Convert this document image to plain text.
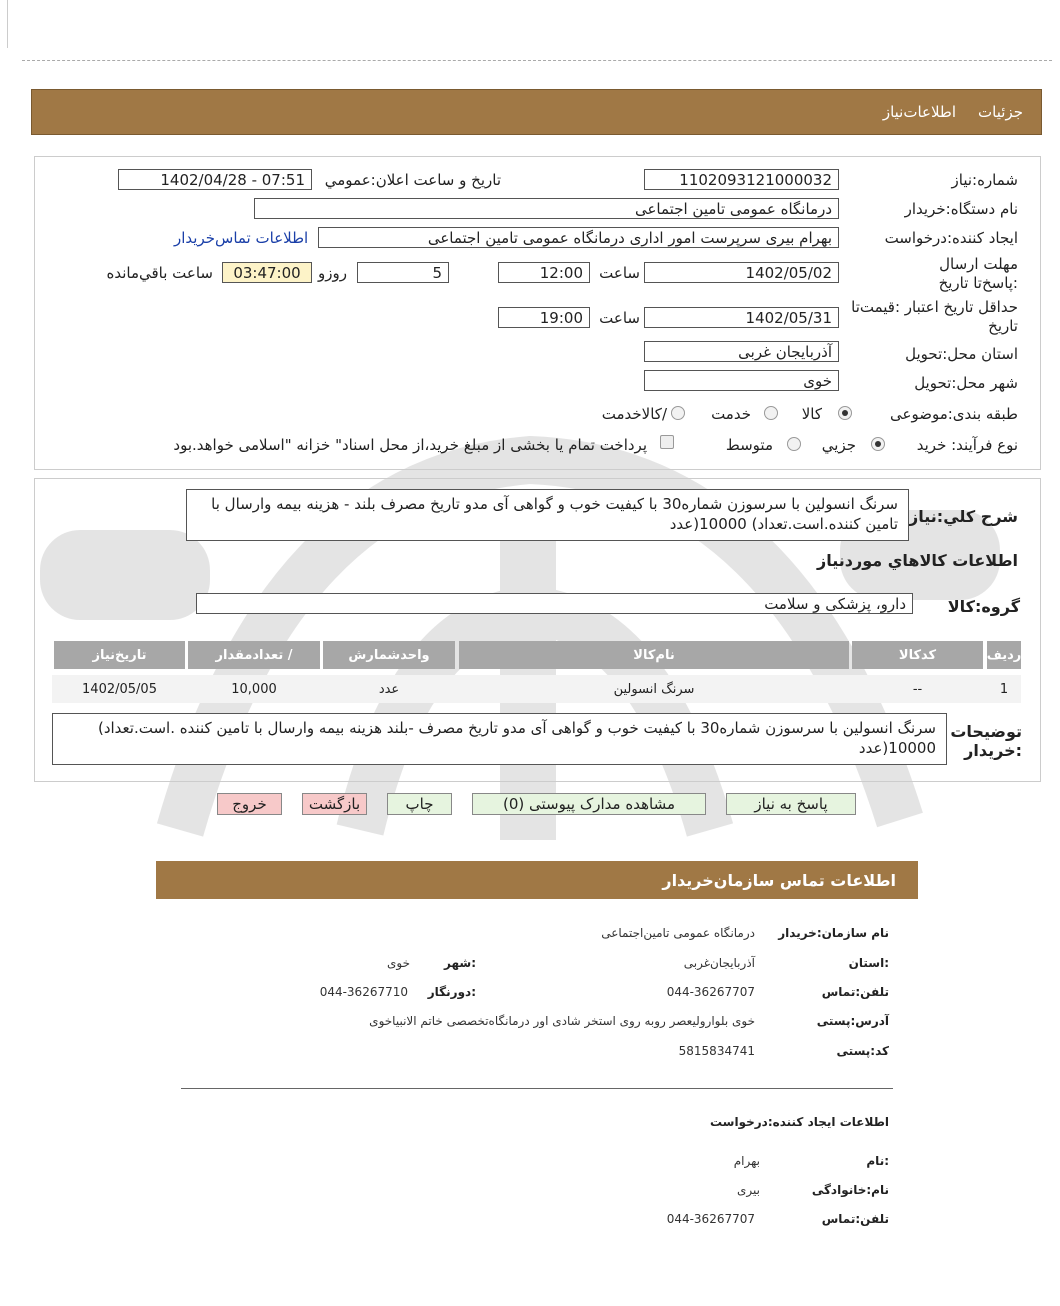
جزئیات
اطلاعات‌نیاز
شماره:نیاز
1102093121000032
تاريخ و ساعت اعلان:عمومي
1402/04/28 - 07:51
نام دستگاه:خريدار
درمانگاه عمومی تامین اجتماعی
ايجاد کننده:درخواست
بهرام بیری سرپرست امور اداری درمانگاه عمومی تامین اجتماعی
اطلاعات تماس‌خريدار
مهلت ارسال :پاسخ‌تا تاريخ
1402/05/02
ساعت
12:00
5
روزو
03:47:00
ساعت باقي‌مانده
حداقل تاريخ اعتبار :قيمت‌تا تاريخ
1402/05/31
ساعت
19:00
استان محل:تحويل
آذربایجان غربی
شهر محل:تحويل
خوی
طبقه بندی:موضوعی
کالا
خدمت
/کالاخدمت
نوع فرآيند: خريد
جزيي
متوسط
پرداخت تمام يا بخشی از مبلغ خريد،از محل اسناد" خزانه "اسلامی خواهد.بود
شرح کلي:نياز
سرنگ انسولین با سرسوزن شماره30 با کیفیت خوب و گواهی آی مدو تاریخ مصرف بلند - هزینه بیمه وارسال با تامین کننده.است.تعداد) 10000(عدد
اطلاعات کالاهاي موردنياز
گروه:کالا
دارو، پزشکی و سلامت
رديف
کدکالا
نام‌کالا
واحدشمارش
/ تعدادمقدار
تاريخ‌نياز
1
--
سرنگ انسولین
عدد
10,000
1402/05/05
توضيحات :خريدار
سرنگ انسولین با سرسوزن شماره30 با کیفیت خوب و گواهی آی مدو تاریخ مصرف -بلند هزینه بیمه وارسال با تامین کننده .است.تعداد) 10000(عدد
پاسخ به نياز
مشاهده مدارک پيوستی (0)
چاپ
بازگشت
خروج
اطلاعات تماس سازمان‌خريدار
نام سازمان:خريدار
درمانگاه عمومی تامین‌اجتماعی
:استان
آذربایجان‌غربی
:شهر
خوی
تلفن:تماس
044-36267707
:دورنگار
044-36267710
آدرس:پستی
خوی بلوارولیعصر روبه روی استخر شادی اور درمانگاه‌تخصصی خاتم الانبیاخوی
کد:پستی
5815834741
اطلاعات ايجاد کننده:درخواست
:نام
بهرام
نام:خانوادگی
بیری
تلفن:تماس
044-36267707
